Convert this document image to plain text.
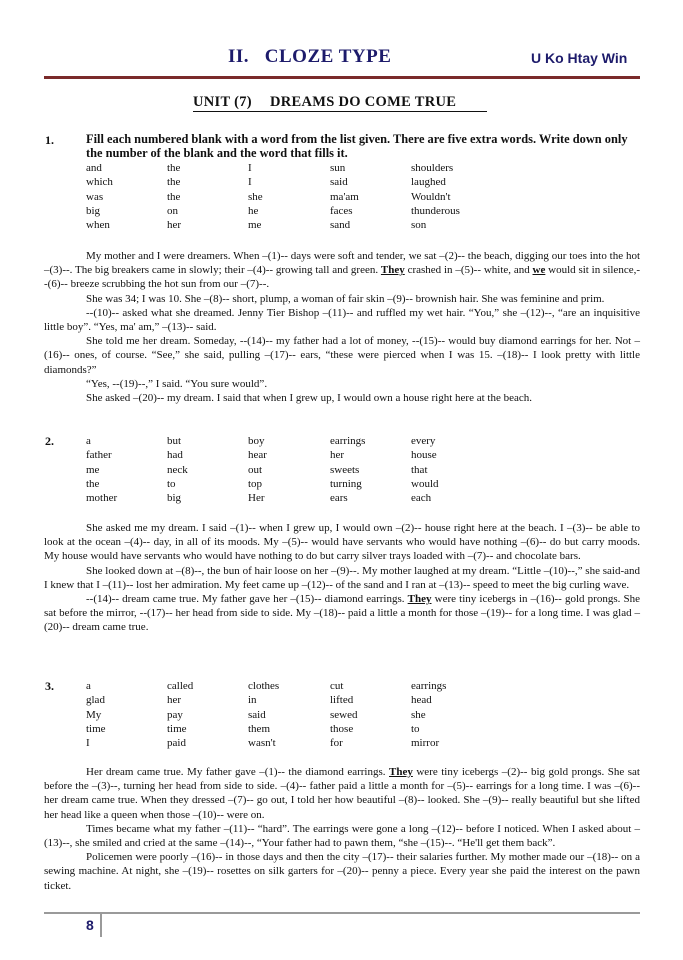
II.   CLOZE TYPE	U Ko Htay Win
UNIT (7) DREAMS DO COME TRUE
1.	Fill each numbered blank with a word from the list given. There are five extra words. Write down only the number of the blank and the word that fills it.
and	the	I	sun	shoulders
which	the	I	said	laughed
was	the	she	ma'am	Wouldn't
big	on	he	faces	thunderous
when	her	me	sand	son

My mother and I were dreamers. When –(1)-- days were soft and tender, we sat –(2)-- the beach, digging our toes into the hot –(3)--. The big breakers came in slowly; their –(4)-- growing tall and green. They crashed in –(5)-- white, and we would sit in silence,--(6)-- breeze scrubbing the hot sun from our –(7)--.

She was 34; I was 10. She –(8)-- short, plump, a woman of fair skin –(9)-- brownish hair. She was feminine and prim.

--(10)-- asked what she dreamed. Jenny Tier Bishop –(11)-- and ruffled my wet hair. “You,” she –(12)--, “are an inquisitive little boy”. “Yes, ma' am,” –(13)-- said.

She told me her dream. Someday, --(14)-- my father had a lot of money, --(15)-- would buy diamond earrings for her. Not –(16)-- ones, of course. “See,” she said, pulling –(17)-- ears, “these were pierced when I was 15. –(18)-- I look pretty with little diamonds?”

“Yes, --(19)--,” I said. “You sure would”.

She asked –(20)-- my dream. I said that when I grew up, I would own a house right here at the beach.

2.	a	but	boy	earrings	every
father	had	hear	her	house
me	neck	out	sweets	that
the	to	top	turning	would
mother	big	Her	ears	each

She asked me my dream. I said –(1)-- when I grew up, I would own –(2)-- house right here at the beach. I –(3)-- be able to look at the ocean –(4)-- day, in all of its moods. My –(5)-- would have servants who would have nothing –(6)-- do but carry moods. My house would have servants who would have nothing to do but carry silver trays loaded with –(7)-- and chocolate bars.

She looked down at –(8)--, the bun of hair loose on her –(9)--. My mother laughed at my dream. “Little –(10)--,” she said-and I knew that I –(11)-- lost her admiration. My feet came up –(12)-- of the sand and I ran at –(13)-- speed to meet the big curling wave.

--(14)-- dream came true. My father gave her –(15)-- diamond earrings. They were tiny icebergs in –(16)-- gold prongs. She sat before the mirror, --(17)-- her head from side to side. My –(18)-- paid a little a month for those –(19)-- for a long time. I was glad –(20)-- dream came true.

3.	a	called	clothes	cut	earrings
glad	her	in	lifted	head
My	pay	said	sewed	she
time	time	them	those	to
I	paid	wasn't	for	mirror

Her dream came true. My father gave –(1)-- the diamond earrings. They were tiny icebergs –(2)-- big gold prongs. She sat before the –(3)--, turning her head from side to side. –(4)-- father paid a little a month for –(5)-- earrings for a long time. I was –(6)-- her dream came true. When they dressed –(7)-- go out, I told her how beautiful –(8)-- looked. She –(9)-- really beautiful but she lifted her head like a queen when those –(10)-- were on.

Times became what my father –(11)-- “hard”. The earrings were gone a long –(12)-- before I noticed. When I asked about –(13)--, she smiled and cried at the same –(14)--, “Your father had to pawn them, “she –(15)--. “He'll get them back”.

Policemen were poorly –(16)-- in those days and then the city –(17)-- their salaries further. My mother made our –(18)-- on a sewing machine. At night, she –(19)-- rosettes on silk garters for –(20)-- penny a piece. Every year she paid the interest on the pawn ticket.

8
